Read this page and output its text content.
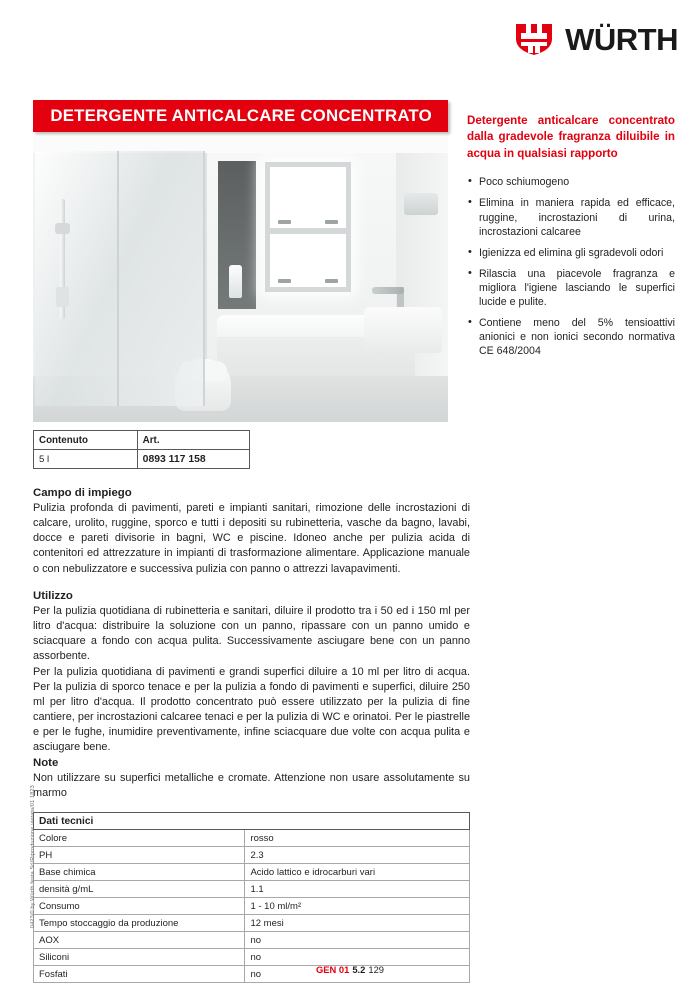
WÜRTH
DETERGENTE ANTICALCARE CONCENTRATO	Detergente anticalcare concentrato dalla gradevole fragranza diluibile in acqua in qualsiasi rapporto

• Poco schiumogeno
• Elimina in maniera rapida ed efficace, ruggine, incrostazioni di urina, incrostazioni calcaree
• Igienizza ed elimina gli sgradevoli odori
• Rilascia una piacevole fragranza e migliora l'igiene lasciando le superfici lucide e pulite.
• Contiene meno del 5% tensioattivi anionici e non ionici secondo normativa CE 648/2004
Contenuto	Art.
5 l	0893 117 158
Campo di impiego

Pulizia profonda di pavimenti, pareti e impianti sanitari, rimozione delle incrostazioni di calcare, urolito, ruggine, sporco e tutti i depositi su rubinetteria, vasche da bagno, lavabi, docce e pareti divisorie in bagni, WC e piscine. Idoneo anche per pulizia acida di contenitori ed attrezzature in impianti di trasformazione alimentare. Applicazione manuale o con nebulizzatore e successiva pulizia con panno o attrezzi lavapavimenti.

Utilizzo

Per la pulizia quotidiana di rubinetteria e sanitari, diluire il prodotto tra i 50 ed i 150 ml per litro d'acqua: distribuire la soluzione con un panno, ripassare con un panno umido e sciacquare a fondo con acqua pulita. Successivamente asciugare bene con un panno assorbente.

Per la pulizia quotidiana di pavimenti e grandi superfici diluire a 10 ml per litro di acqua. Per la pulizia di sporco tenace e per la pulizia a fondo di pavimenti e superfici, diluire 250 ml per litro d'acqua. Il prodotto concentrato può essere utilizzato per la pulizia di fine cantiere, per incrostazioni calcaree tenaci e per la pulizia di WC e orinatoi. Per le piastrelle e per le fughe, inumidire preventivamente, infine sciacquare due volte con acqua pulita e asciugare bene.

Note

Non utilizzare su superfici metalliche e cromate. Attenzione non usare assolutamente su marmo

Dati tecnici	
Colore	rosso
PH	2.3
Base chimica	Acido lattico e idrocarburi vari
densità g/mL	1.1
Consumo	1 - 10 ml/m²
Tempo stoccaggio da produzione	12 mesi
AOX	no
Siliconi	no
Fosfati	no	GEN 01 5.2 129
0423/0 by Würth festa Srl/Riproduzione vietata/01 1823
